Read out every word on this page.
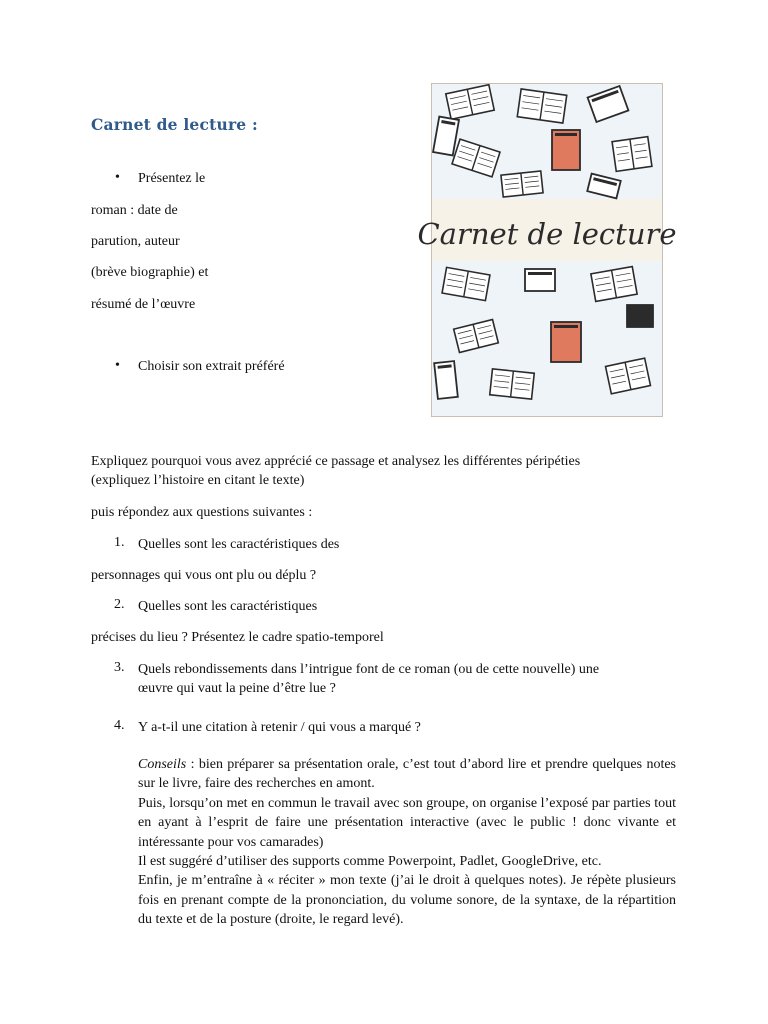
Carnet de lecture :
• Présentez le
roman : date de
parution, auteur
(brève biographie) et
résumé de l’œuvre
• Choisir son extrait préféré
Carnet de lecture
Expliquez pourquoi vous avez apprécié ce passage et analysez les différentes péripéties
(expliquez l’histoire en citant le texte)
puis répondez aux questions suivantes :
1. Quelles sont les caractéristiques des
personnages qui vous ont plu ou déplu ?
2. Quelles sont les caractéristiques
précises du lieu ? Présentez le cadre spatio-temporel
3. Quels rebondissements dans l’intrigue font de ce roman (ou de cette nouvelle) une
œuvre qui vaut la peine d’être lue ?
4. Y a-t-il une citation à retenir / qui vous a marqué ?

Conseils : bien préparer sa présentation orale, c’est tout d’abord lire et prendre quelques notes sur le livre, faire des recherches en amont.

Puis, lorsqu’on met en commun le travail avec son groupe, on organise l’exposé par parties tout en ayant à l’esprit de faire une présentation interactive (avec le public ! donc vivante et intéressante pour vos camarades)

Il est suggéré d’utiliser des supports comme Powerpoint, Padlet, GoogleDrive, etc.

Enfin, je m’entraîne à « réciter » mon texte (j’ai le droit à quelques notes). Je répète plusieurs fois en prenant compte de la prononciation, du volume sonore, de la syntaxe, de la répartition du texte et de la posture (droite, le regard levé).
